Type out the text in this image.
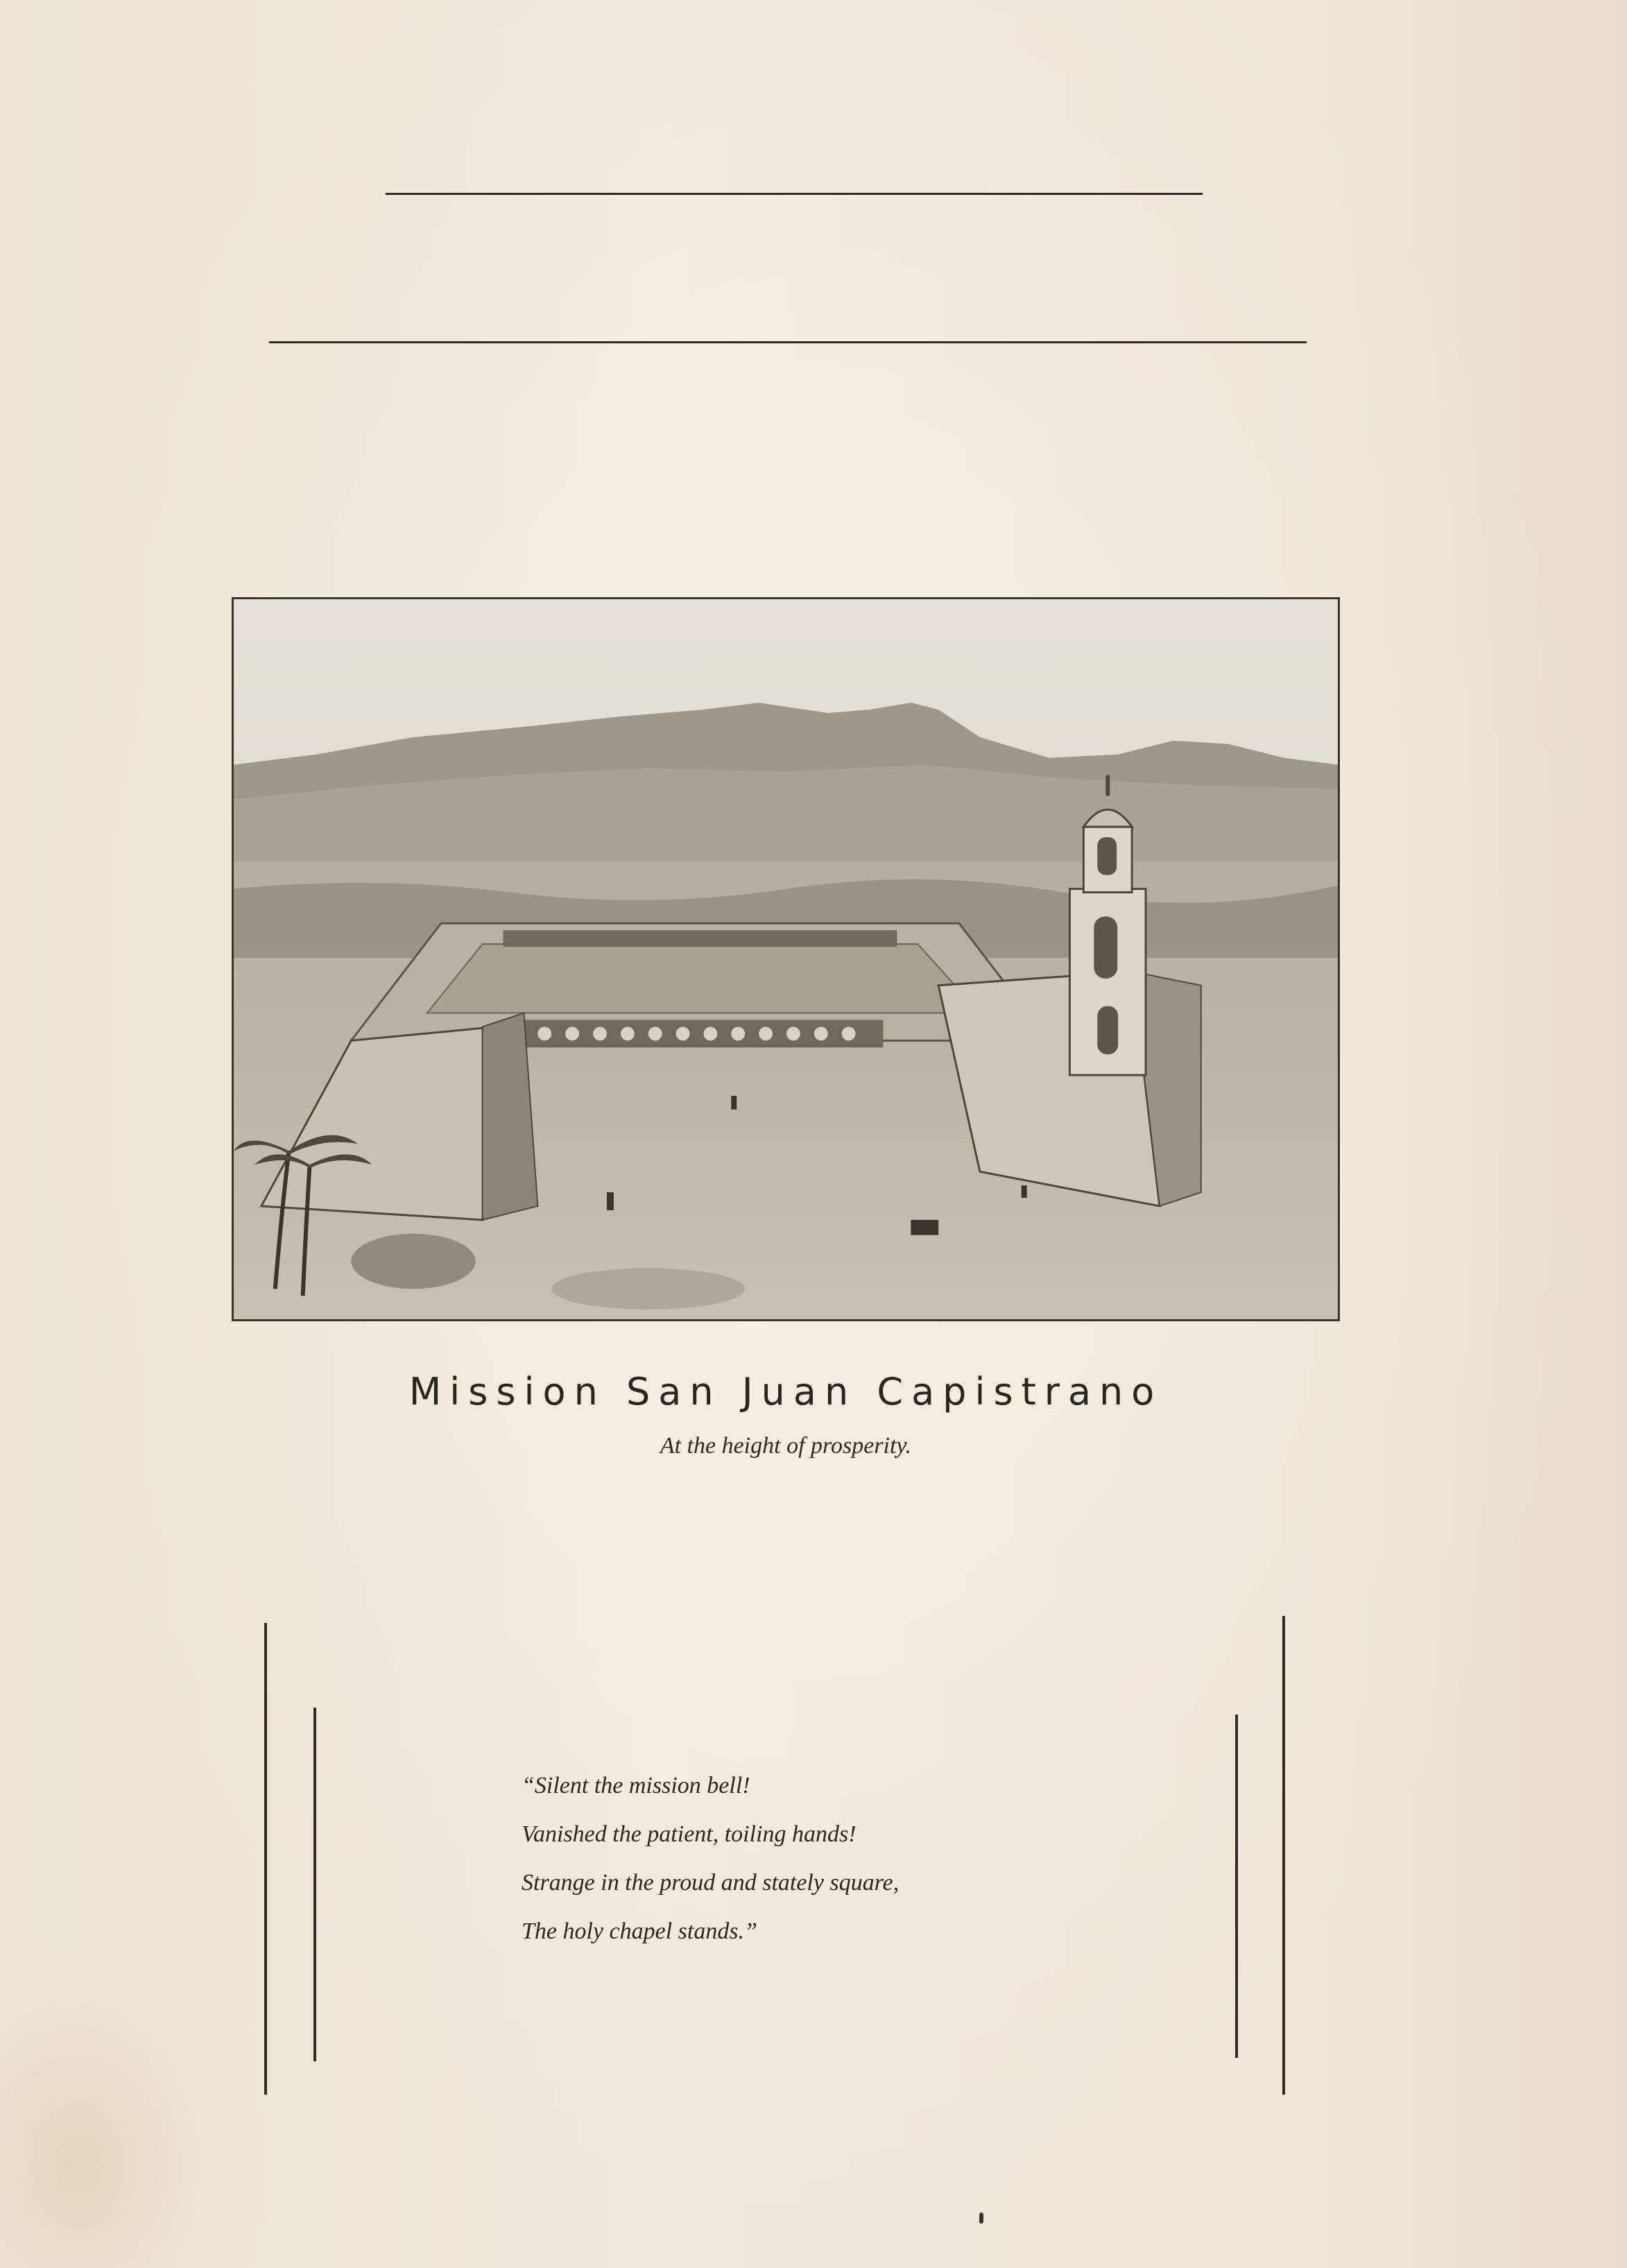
Mission San Juan Capistrano
At the height of prosperity.
“Silent the mission bell!
Vanished the patient, toiling hands!
Strange in the proud and stately square,
The holy chapel stands.”
